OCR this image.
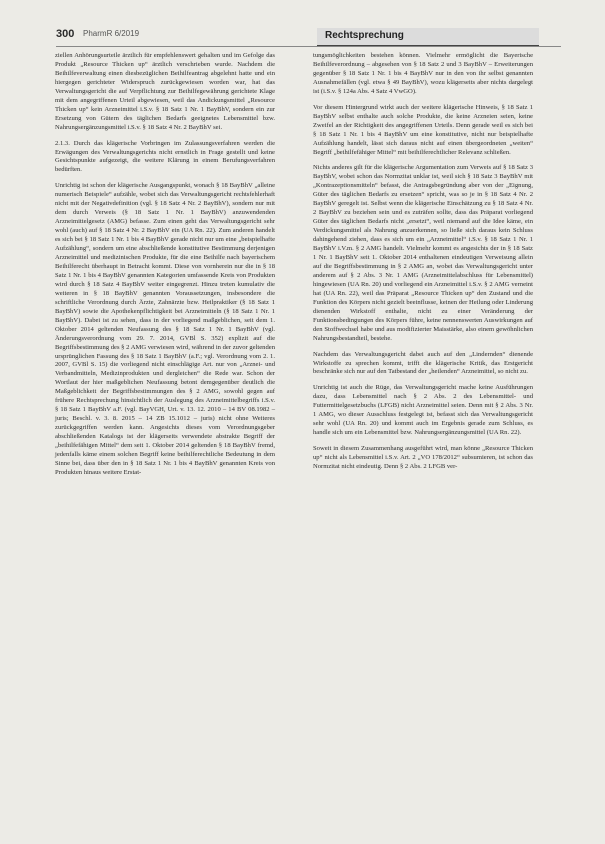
300 PharmR 6/2019	Rechtsprechung

ziellen Anhörungsurteile ärztlich für empfehlenswert gehalten und im Gefolge das Produkt „Resource Thicken up“ ärztlich verschrieben wurde. Nachdem die Beihilfeverwaltung einen diesbezüglichen Beihilfeantrag abgelehnt hatte und ein hiergegen gerichteter Widerspruch zurückgewiesen worden war, hat das Verwaltungsgericht die auf Verpflichtung zur Beihilfegewährung gerichtete Klage mit dem angegriffenen Urteil abgewiesen, weil das Andickungsmittel „Resource Thicken up“ kein Arzneimittel i.S.v. § 18 Satz 1 Nr. 1 BayBhV, sondern ein zur Ersetzung von Gütern des täglichen Bedarfs geeignetes Lebensmittel bzw. Nahrungsergänzungsmittel i.S.v. § 18 Satz 4 Nr. 2 BayBhV sei.

2.1.3. Durch das klägerische Vorbringen im Zulassungsverfahren werden die Erwägungen des Verwaltungsgerichts nicht ernstlich in Frage gestellt und keine Gesichtspunkte aufgezeigt, die weitere Klärung in einem Berufungsverfahren bedürften.

Unrichtig ist schon der klägerische Ausgangspunkt, wonach § 18 BayBhV „alleine numerisch Beispiele“ aufzähle, wobei sich das Verwaltungsgericht rechtsfehlerhaft nicht mit der Negativdefinition (vgl. § 18 Satz 4 Nr. 2 BayBhV), sondern nur mit dem durch Verweis (§ 18 Satz 1 Nr. 1 BayBhV) anzuwendenden Arzneimittelgesetz (AMG) befasse. Zum einen geht das Verwaltungsgericht sehr wohl (auch) auf § 18 Satz 4 Nr. 2 BayBhV ein (UA Rn. 22). Zum anderen handelt es sich bei § 18 Satz 1 Nr. 1 bis 4 BayBhV gerade nicht nur um eine „beispielhafte Aufzählung“, sondern um eine abschließende konstitutive Bestimmung derjenigen Arzneimittel und medizinischen Produkte, für die eine Beihilfe nach bayerischem Beihilferecht überhaupt in Betracht kommt. Diese von vornherein nur die in § 18 Satz 1 Nr. 1 bis 4 BayBhV genannten Kategorien umfassende Kreis von Produkten wird durch § 18 Satz 4 BayBhV weiter eingegrenzt. Hinzu treten kumulativ die weiteren in § 18 BayBhV genannten Voraussetzungen, insbesondere die schriftliche Verordnung durch Ärzte, Zahnärzte bzw. Heilpraktiker (§ 18 Satz 1 BayBhV) sowie die Apothekenpflichtigkeit bei Arzneimitteln (§ 18 Satz 1 Nr. 1 BayBhV). Dabei ist zu sehen, dass in der vorliegend maßgeblichen, seit dem 1. Oktober 2014 geltenden Neufassung des § 18 Satz 1 Nr. 1 BayBhV (vgl. Änderungsverordnung vom 29. 7. 2014, GVBl S. 352) explizit auf die Begriffsbestimmung des § 2 AMG verwiesen wird, während in der zuvor geltenden ursprünglichen Fassung des § 18 Satz 1 BayBhV (a.F.; vgl. Verordnung vom 2. 1. 2007, GVBl S. 15) die vorliegend nicht einschlägige Art. nur von „Arznei- und Verbandmitteln, Medizinprodukten und dergleichen“ die Rede war. Schon der Wortlaut der hier maßgeblichen Neufassung betont demgegenüber deutlich die Maßgeblichkeit der Begriffsbestimmungen des § 2 AMG, sowohl gegen auf frühere Rechtsprechung hinsichtlich der Auslegung des Arzneimittelbegriffs i.S.v. § 18 Satz 1 BayBhV a.F. (vgl. BayVGH, Urt. v. 13. 12. 2010 – 14 BV 08.1982 – juris; Beschl. v. 3. 8. 2015 – 14 ZB 15.1012 – juris) nicht ohne Weiteres zurückgegriffen werden kann. Angesichts dieses vom Verordnungsgeber abschließenden Katalogs ist der klägerseits verwendete abstrakte Begriff der „beihilfefähigen Mittel“ dem seit 1. Oktober 2014 geltenden § 18 BayBhV fremd, jedenfalls käme einem solchen Begriff keine beihilferechtliche Bedeutung in dem Sinne bei, dass über den in § 18 Satz 1 Nr. 1 bis 4 BayBhV genannten Kreis von Produkten hinaus weitere Erstat-

tungsmöglichkeiten bestehen können. Vielmehr ermöglicht die Bayerische Beihilfeverordnung – abgesehen von § 18 Satz 2 und 3 BayBhV – Erweiterungen gegenüber § 18 Satz 1 Nr. 1 bis 4 BayBhV nur in den von ihr selbst genannten Ausnahmefällen (vgl. etwa § 49 BayBhV), wozu klägerseits aber nichts dargelegt ist (i.S.v. § 124a Abs. 4 Satz 4 VwGO).

Vor diesem Hintergrund wirkt auch der weitere klägerische Hinweis, § 18 Satz 1 BayBhV selbst enthalte auch solche Produkte, die keine Arzneien seien, keine Zweifel an der Richtigkeit des angegriffenen Urteils. Denn gerade weil es sich bei § 18 Satz 1 Nr. 1 bis 4 BayBhV um eine konstitutive, nicht nur beispielhafte Aufzählung handelt, lässt sich daraus nicht auf einen übergeordneten „weiten“ Begriff „beihilfefähiger Mittel“ mit beihilferechtlicher Relevanz schließen.

Nichts anderes gilt für die klägerische Argumentation zum Verweis auf § 18 Satz 3 BayBhV, wobei schon das Normzitat unklar ist, weil sich § 18 Satz 3 BayBhV mit „Kontrazeptionsmitteln“ befasst, die Antragsbegründung aber von der „Eignung, Güter des täglichen Bedarfs zu ersetzen“ spricht, was so je in § 18 Satz 4 Nr. 2 BayBhV geregelt ist. Selbst wenn die klägerische Einschätzung zu § 18 Satz 4 Nr. 2 BayBhV zu beziehen sein und es zuträfen sollte, dass das Präparat vorliegend Güter des täglichen Bedarfs nicht „ersetzt“, weil niemand auf die Idee käme, ein Verdickungsmittel als Nahrung anzuerkennen, so ließe sich daraus kein Schluss dahingehend ziehen, dass es sich um ein „Arzneimittel“ i.S.v. § 18 Satz 1 Nr. 1 BayBhV i.V.m. § 2 AMG handelt. Vielmehr kommt es angesichts der in § 18 Satz 1 Nr. 1 BayBhV seit 1. Oktober 2014 enthaltenen eindeutigen Verweisung allein auf die Begriffsbestimmung in § 2 AMG an, wobei das Verwaltungsgericht unter anderem auf § 2 Abs. 3 Nr. 1 AMG (Arzneimittelabschluss für Lebensmittel) hingewiesen (UA Rn. 20) und vorliegend ein Arzneimittel i.S.v. § 2 AMG verneint hat (UA Rn. 22), weil das Präparat „Resource Thicken up“ den Zustand und die Funktion des Körpers nicht gezielt beeinflusse, keinen der Heilung oder Linderung dienenden Wirkstoff enthalte, nicht zu einer Veränderung der Funktionsbedingungen des Körpers führe, keine nennenswerten Auswirkungen auf den Stoffwechsel habe und aus modifizierter Maisstärke, also einem gewöhnlichen Nahrungsbestandteil, bestehe.

Nachdem das Verwaltungsgericht dabei auch auf den „Lindernden“ dienende Wirkstoffe zu sprechen kommt, trifft die klägerische Kritik, das Erstgericht beschränke sich nur auf den Tatbestand der „heilenden“ Arzneimittel, so nicht zu.

Unrichtig ist auch die Rüge, das Verwaltungsgericht mache keine Ausführungen dazu, dass Lebensmittel nach § 2 Abs. 2 des Lebensmittel- und Futtermittelgesetzbuchs (LFGB) nicht Arzneimittel seien. Denn mit § 2 Abs. 3 Nr. 1 AMG, wo dieser Ausschluss festgelegt ist, befasst sich das Verwaltungsgericht sehr wohl (UA Rn. 20) und kommt auch im Ergebnis gerade zum Schluss, es handle sich um ein Lebensmittel bzw. Nahrungsergänzungsmittel (UA Rn. 22).

Soweit in diesem Zusammenhang ausgeführt wird, man könne „Resource Thicken up“ nicht als Lebensmittel i.S.v. Art. 2 „VO 178/2012“ subsumieren, ist schon das Normzitat nicht eindeutig. Denn § 2 Abs. 2 LFGB ver-
